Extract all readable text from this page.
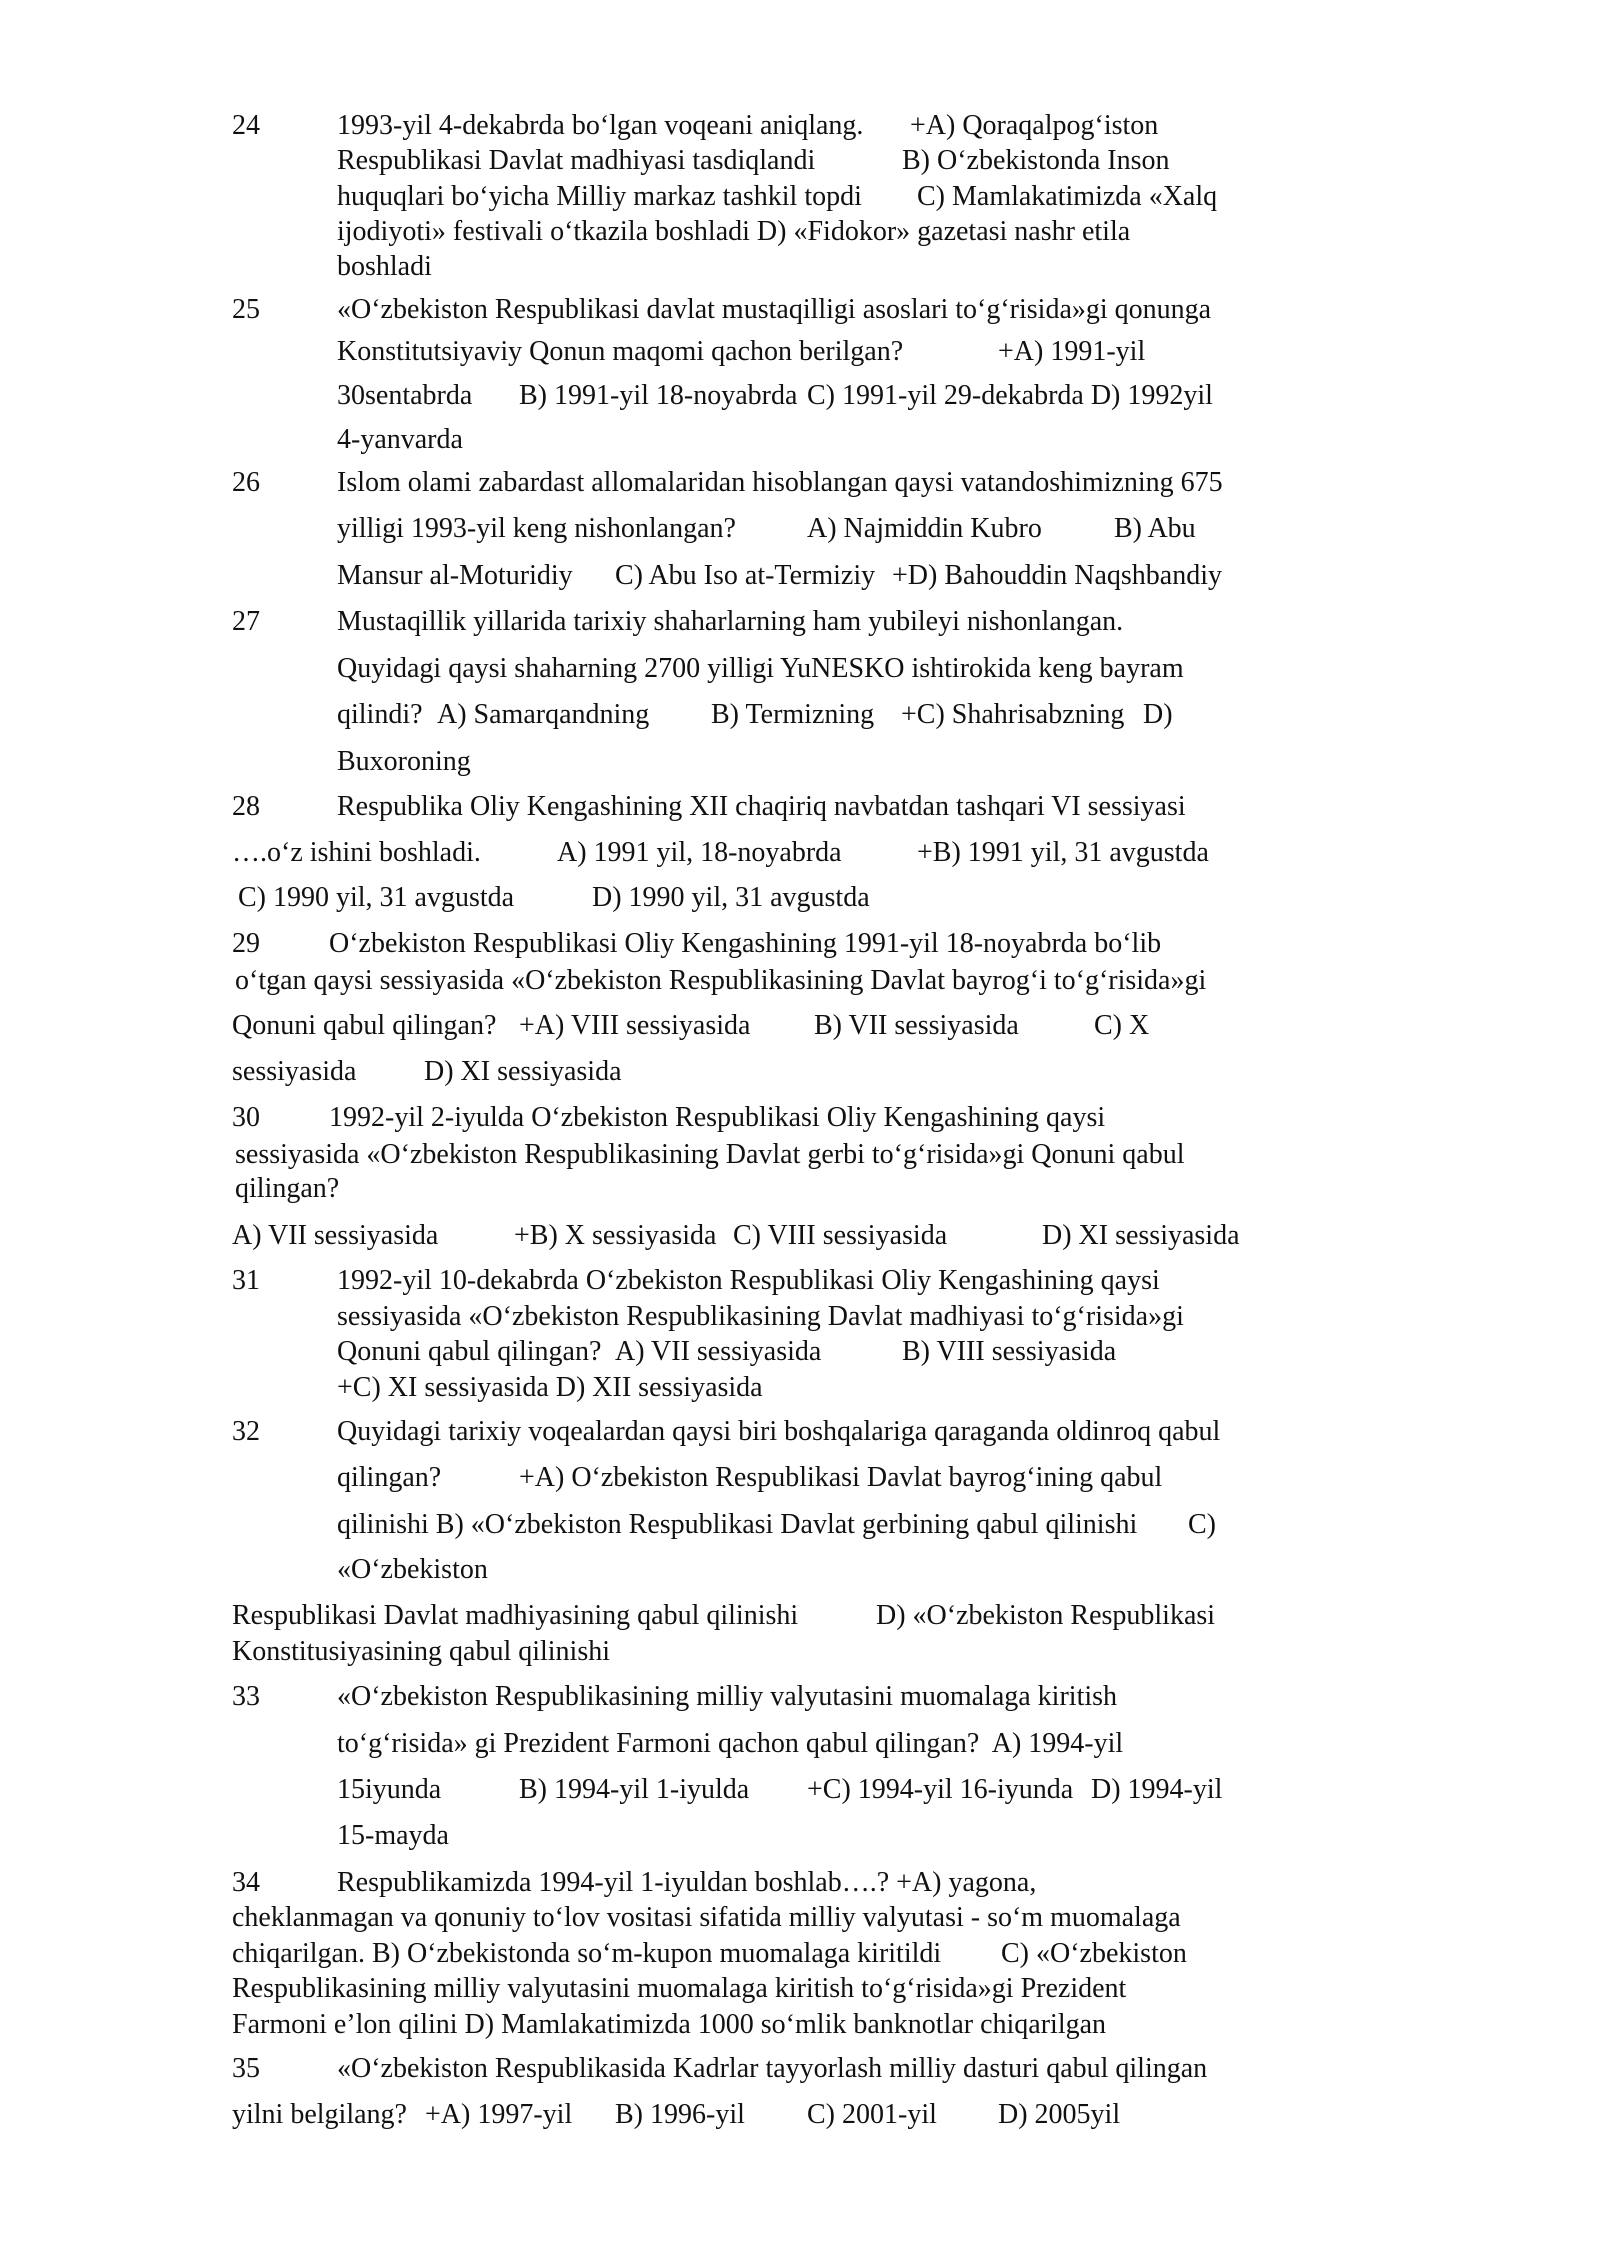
24	1993-yil 4-dekabrda bo‘lgan voqeani aniqlang. +A) Qoraqalpog‘iston
Respublikasi Davlat madhiyasi tasdiqlandi	B) O‘zbekistonda Inson
huquqlari bo‘yicha Milliy markaz tashkil topdi C) Mamlakatimizda «Xalq
ijodiyoti» festivali o‘tkazila boshladi D) «Fidokor» gazetasi nashr etila
boshladi
25	«O‘zbekiston Respublikasi davlat mustaqilligi asoslari to‘g‘risida»gi qonunga
Konstitutsiyaviy Qonun maqomi qachon berilgan?	+A) 1991-yil
30sentabrda B) 1991-yil 18-noyabrda C) 1991-yil 29-dekabrda D) 1992yil
4-yanvarda
26	Islom olami zabardast allomalaridan hisoblangan qaysi vatandoshimizning 675
yilligi 1993-yil keng nishonlangan?	A) Najmiddin Kubro	B) Abu
Mansur al-Moturidiy C) Abu Iso at-Termiziy +D) Bahouddin Naqshbandiy
27	Mustaqillik yillarida tarixiy shaharlarning ham yubileyi nishonlangan.
Quyidagi qaysi shaharning 2700 yilligi YuNESKO ishtirokida keng bayram
qilindi? A) Samarqandning B) Termizning +C) Shahrisabzning D)
Buxoroning
28	Respublika Oliy Kengashining XII chaqiriq navbatdan tashqari VI sessiyasi
….o‘z ishini boshladi.	A) 1991 yil, 18-noyabrda	+B) 1991 yil, 31 avgustda
C) 1990 yil, 31 avgustda	D) 1990 yil, 31 avgustda
29 O‘zbekiston Respublikasi Oliy Kengashining 1991-yil 18-noyabrda bo‘lib
o‘tgan qaysi sessiyasida «O‘zbekiston Respublikasining Davlat bayrog‘i to‘g‘risida»gi
Qonuni qabul qilingan? +A) VIII sessiyasida B) VII sessiyasida	C) X
sessiyasida D) XI sessiyasida
30 1992-yil 2-iyulda O‘zbekiston Respublikasi Oliy Kengashining qaysi
sessiyasida «O‘zbekiston Respublikasining Davlat gerbi to‘g‘risida»gi Qonuni qabul
qilingan?
A) VII sessiyasida	+B) X sessiyasida C) VIII sessiyasida	D) XI sessiyasida
31	1992-yil 10-dekabrda O‘zbekiston Respublikasi Oliy Kengashining qaysi
sessiyasida «O‘zbekiston Respublikasining Davlat madhiyasi to‘g‘risida»gi
Qonuni qabul qilingan? A) VII sessiyasida	B) VIII sessiyasida
+C) XI sessiyasida D) XII sessiyasida
32	Quyidagi tarixiy voqealardan qaysi biri boshqalariga qaraganda oldinroq qabul
qilingan?	+A) O‘zbekiston Respublikasi Davlat bayrog‘ining qabul
qilinishi B) «O‘zbekiston Respublikasi Davlat gerbining qabul qilinishi C)
«O‘zbekiston
Respublikasi Davlat madhiyasining qabul qilinishi	D) «O‘zbekiston Respublikasi
Konstitusiyasining qabul qilinishi
33	«O‘zbekiston Respublikasining milliy valyutasini muomalaga kiritish
to‘g‘risida» gi Prezident Farmoni qachon qabul qilingan?  A) 1994-yil
15iyunda	B) 1994-yil 1-iyulda +C) 1994-yil 16-iyunda D) 1994-yil
15-mayda
34	Respublikamizda 1994-yil 1-iyuldan boshlab….? +A) yagona,
cheklanmagan va qonuniy to‘lov vositasi sifatida milliy valyutasi - so‘m muomalaga
chiqarilgan. B) O‘zbekistonda so‘m-kupon muomalaga kiritildi C) «O‘zbekiston
Respublikasining milliy valyutasini muomalaga kiritish to‘g‘risida»gi Prezident
Farmoni e’lon qilini D) Mamlakatimizda 1000 so‘mlik banknotlar chiqarilgan
35	«O‘zbekiston Respublikasida Kadrlar tayyorlash milliy dasturi qabul qilingan
yilni belgilang? +A) 1997-yil B) 1996-yil C) 2001-yil D) 2005yil
